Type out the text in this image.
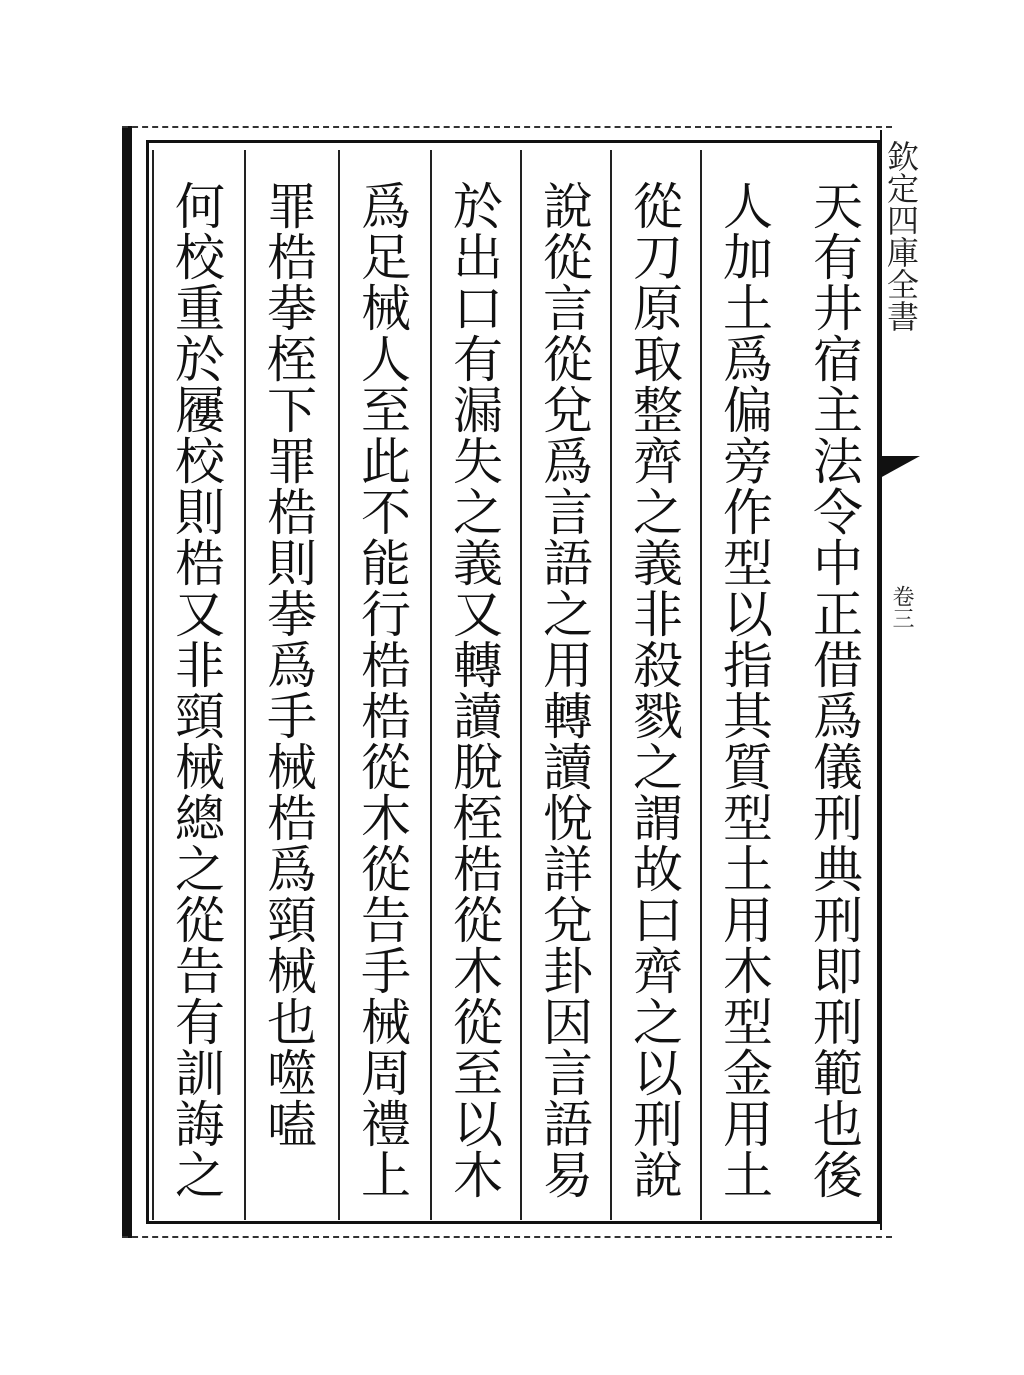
天有井宿主法令中正借爲儀刑典刑即刑範也後
人加土爲偏旁作型以指其質型土用木型金用土
從刀原取整齊之義非殺戮之謂故曰齊之以刑說
說從言從兌爲言語之用轉讀悅詳兌卦因言語易
於出口有漏失之義又轉讀脫桎梏從木從至以木
爲足械人至此不能行梏梏從木從告手械周禮上
罪梏拲桎下罪梏則拲爲手械梏爲頸械也噬嗑
何校重於屨校則梏又非頸械總之從告有訓誨之	欽定四庫全書
卷三
